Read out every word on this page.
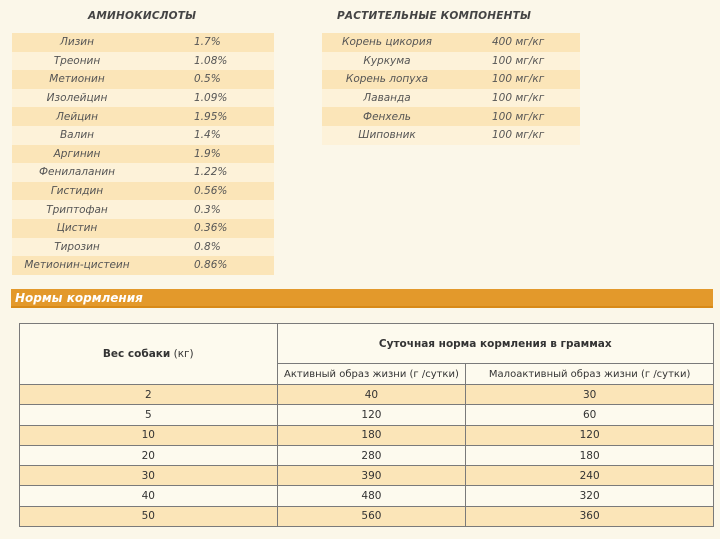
АМИНОКИСЛОТЫ	РАСТИТЕЛЬНЫЕ КОМПОНЕНТЫ
Лизин	1.7%
Треонин	1.08%
Метионин	0.5%
Изолейцин	1.09%
Лейцин	1.95%
Валин	1.4%
Аргинин	1.9%
Фенилаланин	1.22%
Гистидин	0.56%
Триптофан	0.3%
Цистин	0.36%
Тирозин	0.8%
Метионин-цистеин	0.86%
Корень цикория	400 мг/кг
Куркума	100 мг/кг
Корень лопуха	100 мг/кг
Лаванда	100 мг/кг
Фенхель	100 мг/кг
Шиповник	100 мг/кг
Нормы кормления
Вес собаки (кг)	Суточная норма кормления в граммах	
	Активный образ жизни (г /сутки)	Малоактивный образ жизни (г /сутки)
2	40	30
5	120	60
10	180	120
20	280	180
30	390	240
40	480	320
50	560	360
